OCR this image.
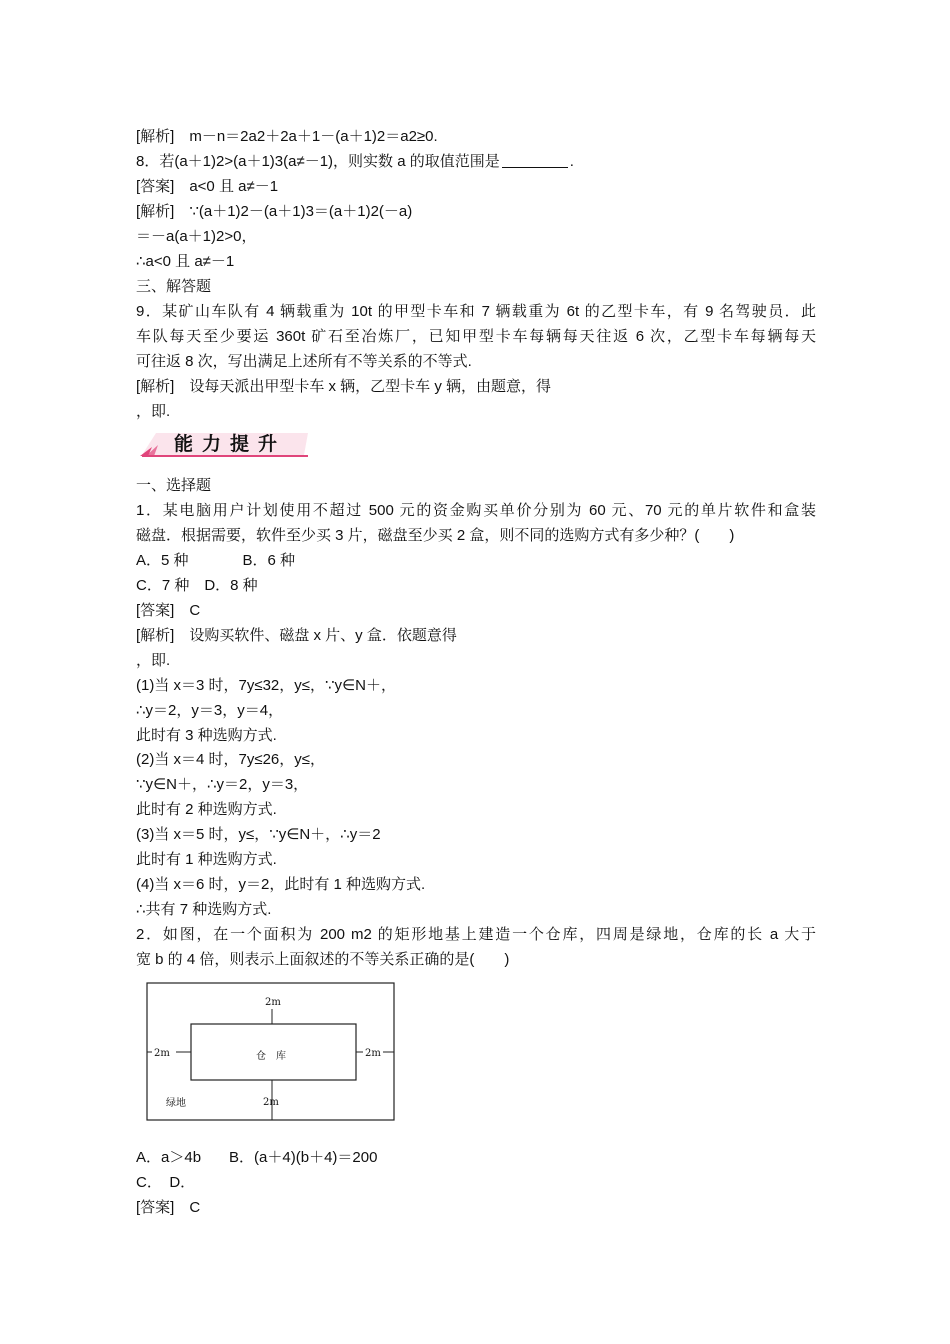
[解析]　m－n＝2a2＋2a＋1－(a＋1)2＝a2≥0.
8．若(a＋1)2>(a＋1)3(a≠－1)，则实数 a 的取值范围是	.
[答案]　a<0 且 a≠－1
[解析]　∵(a＋1)2－(a＋1)3＝(a＋1)2(－a)
＝－a(a＋1)2>0，
∴a<0 且 a≠－1
三、解答题
9．某矿山车队有 4 辆载重为 10t 的甲型卡车和 7 辆载重为 6t 的乙型卡车，有 9 名驾驶员．此
车队每天至少要运 360t 矿石至冶炼厂，已知甲型卡车每辆每天往返 6 次，乙型卡车每辆每天
可往返 8 次，写出满足上述所有不等关系的不等式.
[解析]　设每天派出甲型卡车 x 辆，乙型卡车 y 辆，由题意，得
，即.
能力提升
一、选择题
1．某电脑用户计划使用不超过 500 元的资金购买单价分别为 60 元、70 元的单片软件和盒装
磁盘．根据需要，软件至少买 3 片，磁盘至少买 2 盒，则不同的选购方式有多少种？(　　)
A．5 种	B．6 种
C．7 种　D．8 种
[答案]　C
[解析]　设购买软件、磁盘 x 片、y 盒．依题意得
，即.
(1)当 x＝3 时，7y≤32，y≤，∵y∈N＋，
∴y＝2，y＝3，y＝4，
此时有 3 种选购方式.
(2)当 x＝4 时，7y≤26，y≤，
∵y∈N＋，∴y＝2，y＝3，
此时有 2 种选购方式.
(3)当 x＝5 时，y≤，∵y∈N＋，∴y＝2
此时有 1 种选购方式.
(4)当 x＝6 时，y＝2，此时有 1 种选购方式.
∴共有 7 种选购方式.
2．如图，在一个面积为 200 m2 的矩形地基上建造一个仓库，四周是绿地，仓库的长 a 大于
宽 b 的 4 倍，则表示上面叙述的不等关系正确的是(　　)
2m
2m	2m
2m
仓　库
绿地
A．a＞4b B．(a＋4)(b＋4)＝200
C．　D．
[答案]　C
